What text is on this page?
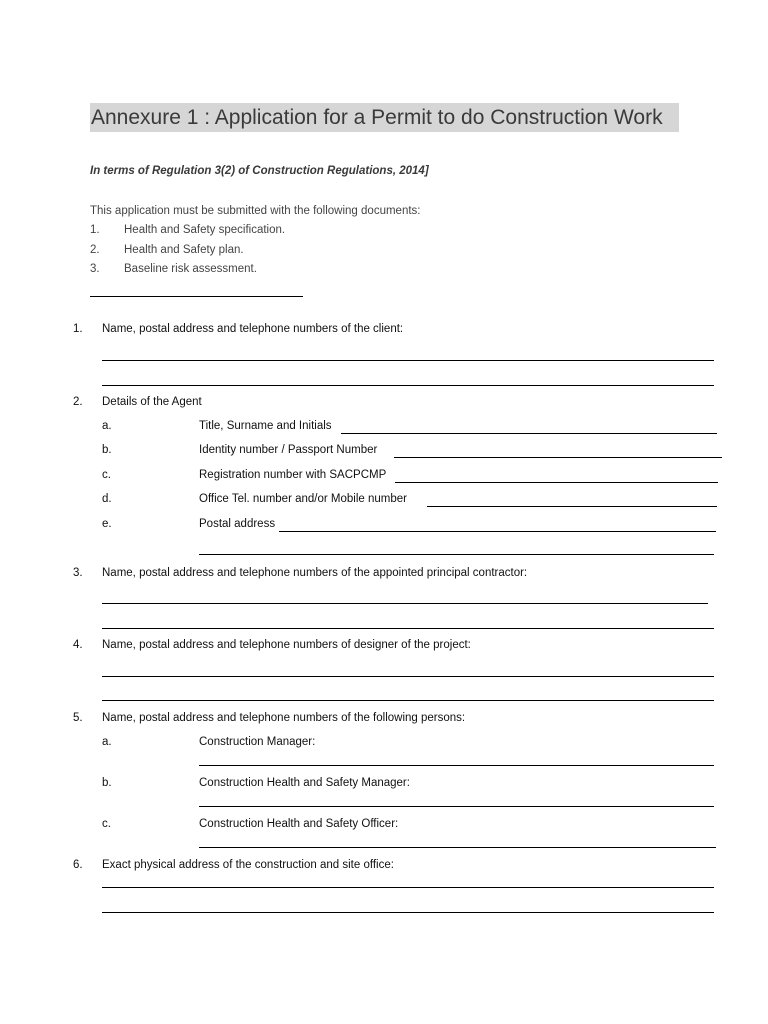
Annexure 1 : Application for a Permit to do Construction Work
In terms of Regulation 3(2) of Construction Regulations, 2014]
This application must be submitted with the following documents:
1. Health and Safety specification.
2. Health and Safety plan.
3. Baseline risk assessment.
1. Name, postal address and telephone numbers of the client:
2. Details of the Agent
a.	Title, Surname and Initials
b.	Identity number / Passport Number
c.	Registration number with SACPCMP
d.	Office Tel. number and/or Mobile number
e.	Postal address
3. Name, postal address and telephone numbers of the appointed principal contractor:
4. Name, postal address and telephone numbers of designer of the project:
5. Name, postal address and telephone numbers of the following persons:
a.	Construction Manager:
b.	Construction Health and Safety Manager:
c.	Construction Health and Safety Officer:
6. Exact physical address of the construction and site office:
